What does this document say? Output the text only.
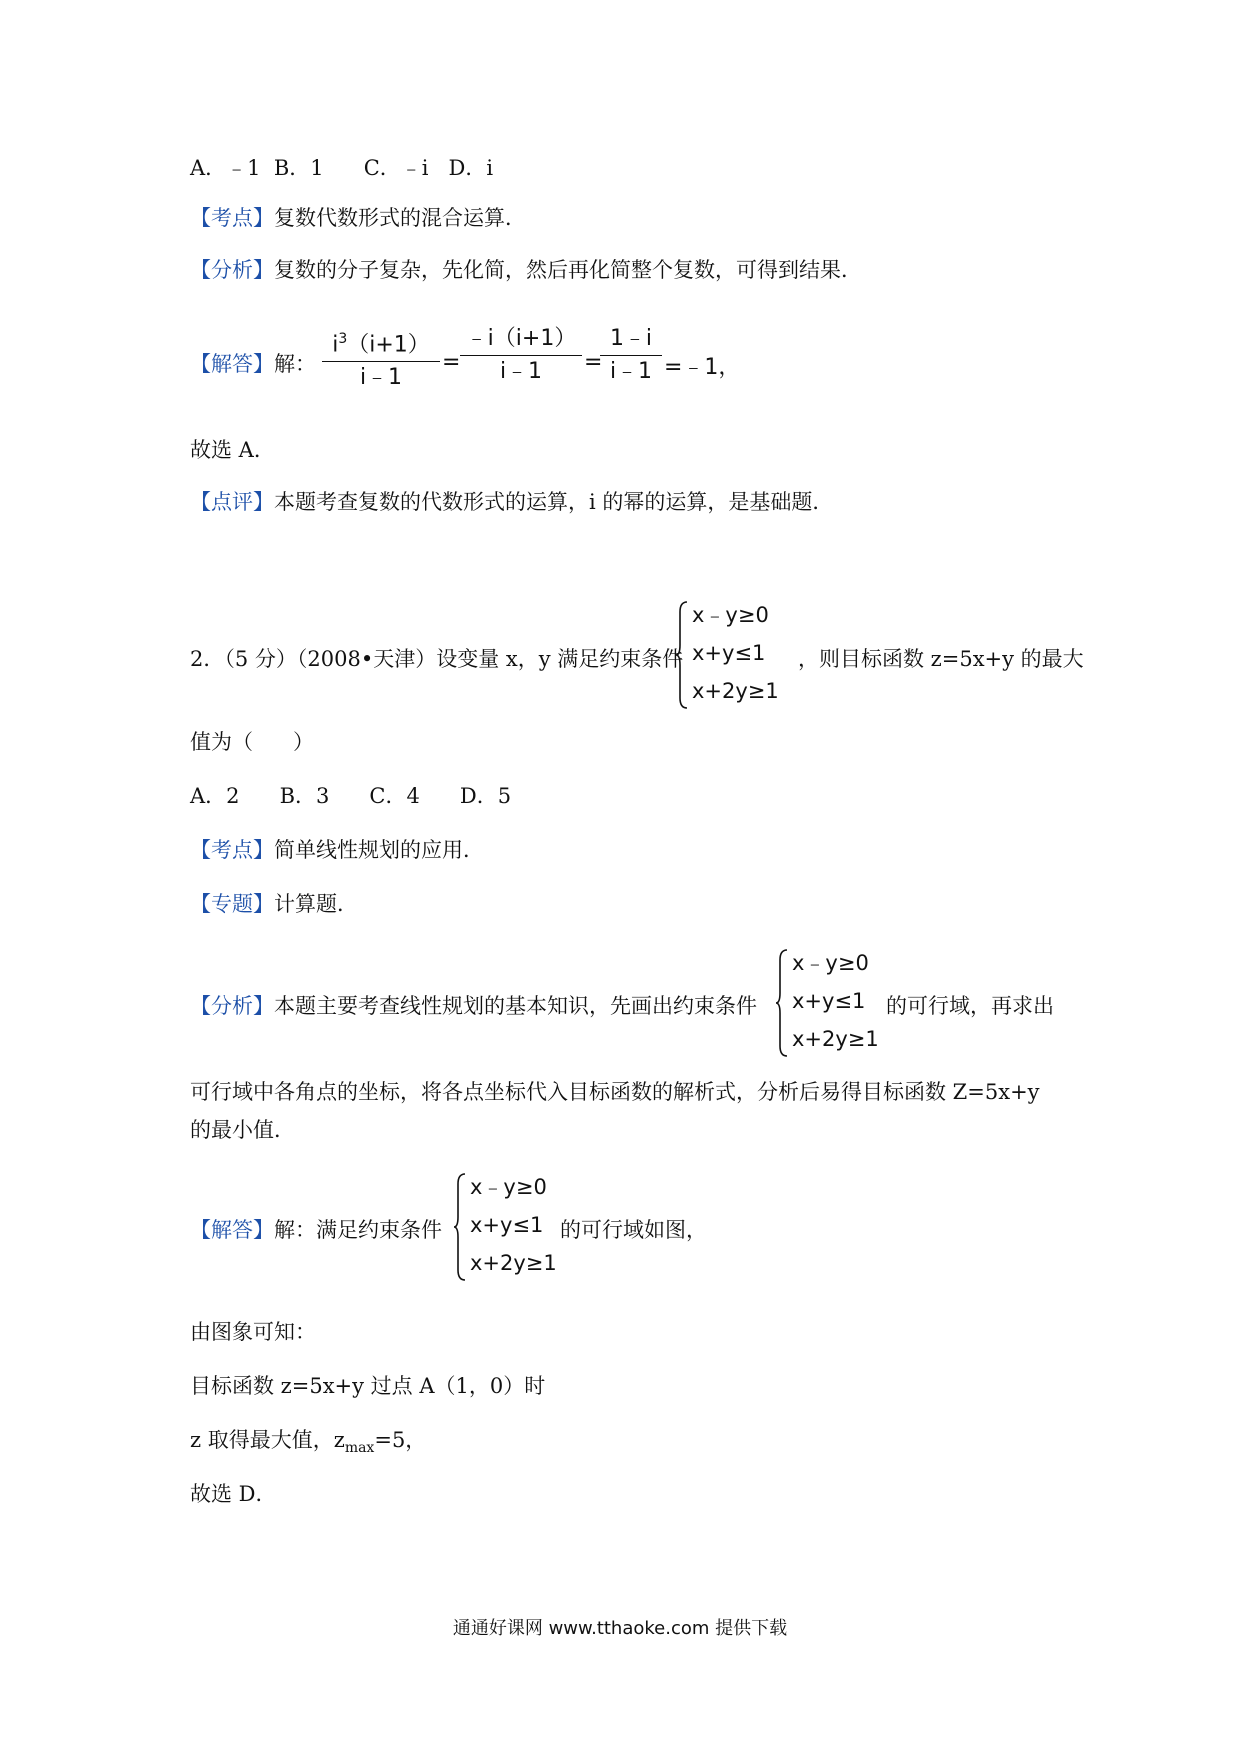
A．﹣1  B．1      C．﹣i   D．i
【考点】复数代数形式的混合运算．
【分析】复数的分子复杂，先化简，然后再化简整个复数，可得到结果．
【解答】解：
$i^3(i+1)$
i﹣1
=
﹣i（i+1）
i﹣1	=
1﹣i
i﹣1 =﹣1，
故选 A．
【点评】本题考查复数的代数形式的运算，i 的幂的运算，是基础题．
2．（5 分）（2008•天津）设变量 x，y 满足约束条件
x﹣y≥0
x+y≤1
x+2y≥1
，则目标函数 z=5x+y 的最大
值为（      ）
A．2      B．3      C．4      D．5
【考点】简单线性规划的应用．
【专题】计算题．
【分析】本题主要考查线性规划的基本知识，先画出约束条件
x﹣y≥0
x+y≤1
x+2y≥1
的可行域，再求出
可行域中各角点的坐标，将各点坐标代入目标函数的解析式，分析后易得目标函数 Z=5x+y
的最小值．
【解答】解：满足约束条件
x﹣y≥0
x+y≤1
x+2y≥1
的可行域如图，
由图象可知：
目标函数 z=5x+y 过点 A（1，0）时
z 取得最大值，$z_{max}=5$，
故选 D．
通通好课网 www.tthaoke.com 提供下载
